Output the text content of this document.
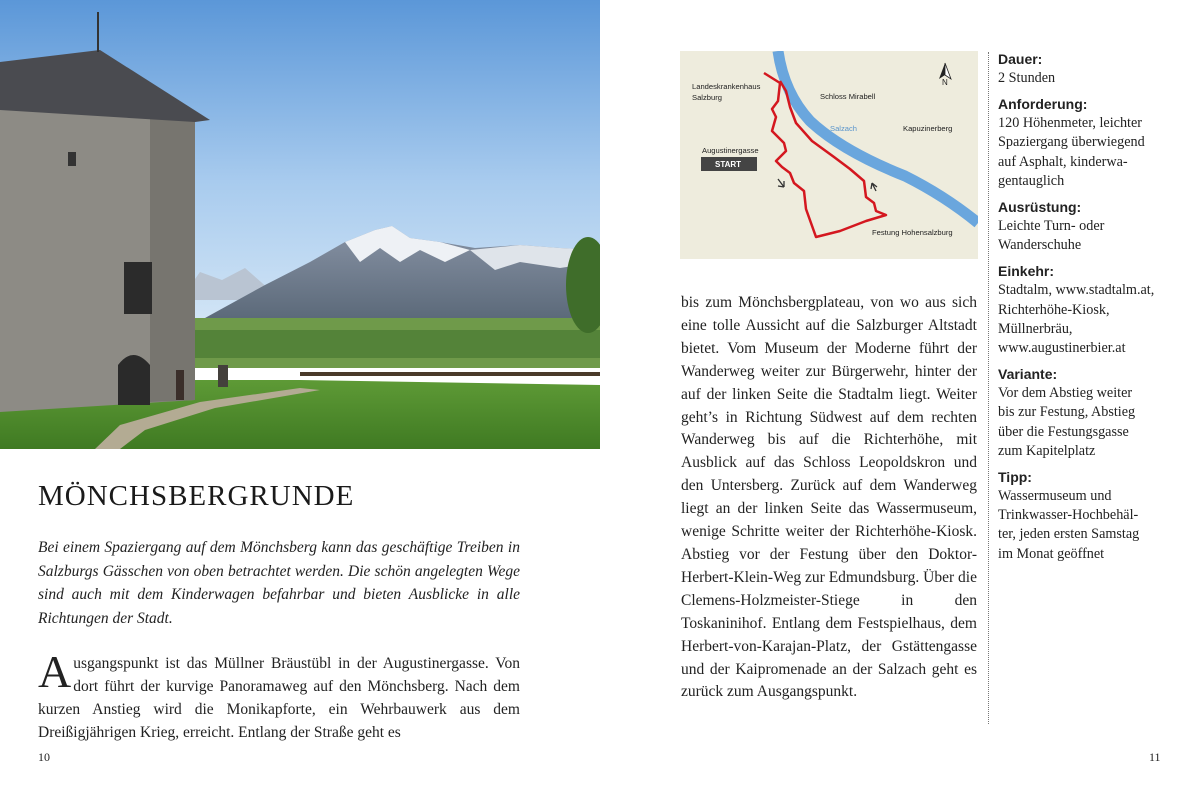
MÖNCHSBERGRUNDE

Bei einem Spaziergang auf dem Mönchsberg kann das geschäftige Treiben in Salzburgs Gässchen von oben betrachtet werden. Die schön angelegten Wege sind auch mit dem Kinderwagen befahrbar und bieten Ausblicke in alle Richtungen der Stadt.

Ausgangspunkt ist das Müllner Bräustübl in der Augustinergasse. Von dort führt der kurvige Panoramaweg auf den Mönchsberg. Nach dem kurzen Anstieg wird die Monikapforte, ein Wehrbauwerk aus dem Dreißigjährigen Krieg, erreicht. Entlang der Straße geht es

10
N
Landeskrankenhaus
Salzburg	Schloss Mirabell
Salzach	Kapuzinerberg
Augustinergasse
START
Festung Hohensalzburg

bis zum Mönchsbergplateau, von wo aus sich eine tolle Aussicht auf die Salzburger Altstadt bietet. Vom Museum der Moderne führt der Wanderweg weiter zur Bürgerwehr, hinter der auf der linken Seite die Stadtalm liegt. Weiter geht’s in Richtung Südwest auf dem rechten Wanderweg bis auf die Richterhöhe, mit Ausblick auf das Schloss Leopoldskron und den Untersberg. Zurück auf dem Wanderweg liegt an der linken Seite das Wassermuseum, wenige Schritte weiter der Richterhöhe-Kiosk. Abstieg vor der Festung über den Doktor-Herbert-Klein-Weg zur Edmundsburg. Über die Clemens-Holzmeister-Stiege in den Toskaninihof. Entlang dem Festspielhaus, dem Herbert-von-Karajan-Platz, der Gstättengasse und der Kaipromenade an der Salzach geht es zurück zum Ausgangspunkt.

11

Dauer:

2 Stunden

Anforderung:

120 Höhenmeter, leichter
Spaziergang überwiegend
auf Asphalt, kinderwa-
gentauglich

Ausrüstung:

Leichte Turn- oder
Wanderschuhe

Einkehr:

Stadtalm, www.stadtalm.at,
Richterhöhe-Kiosk,
Müllnerbräu,
www.augustinerbier.at

Variante:

Vor dem Abstieg weiter
bis zur Festung, Abstieg
über die Festungsgasse
zum Kapitelplatz

Tipp:

Wassermuseum und
Trinkwasser-Hochbehäl-
ter, jeden ersten Samstag
im Monat geöffnet
